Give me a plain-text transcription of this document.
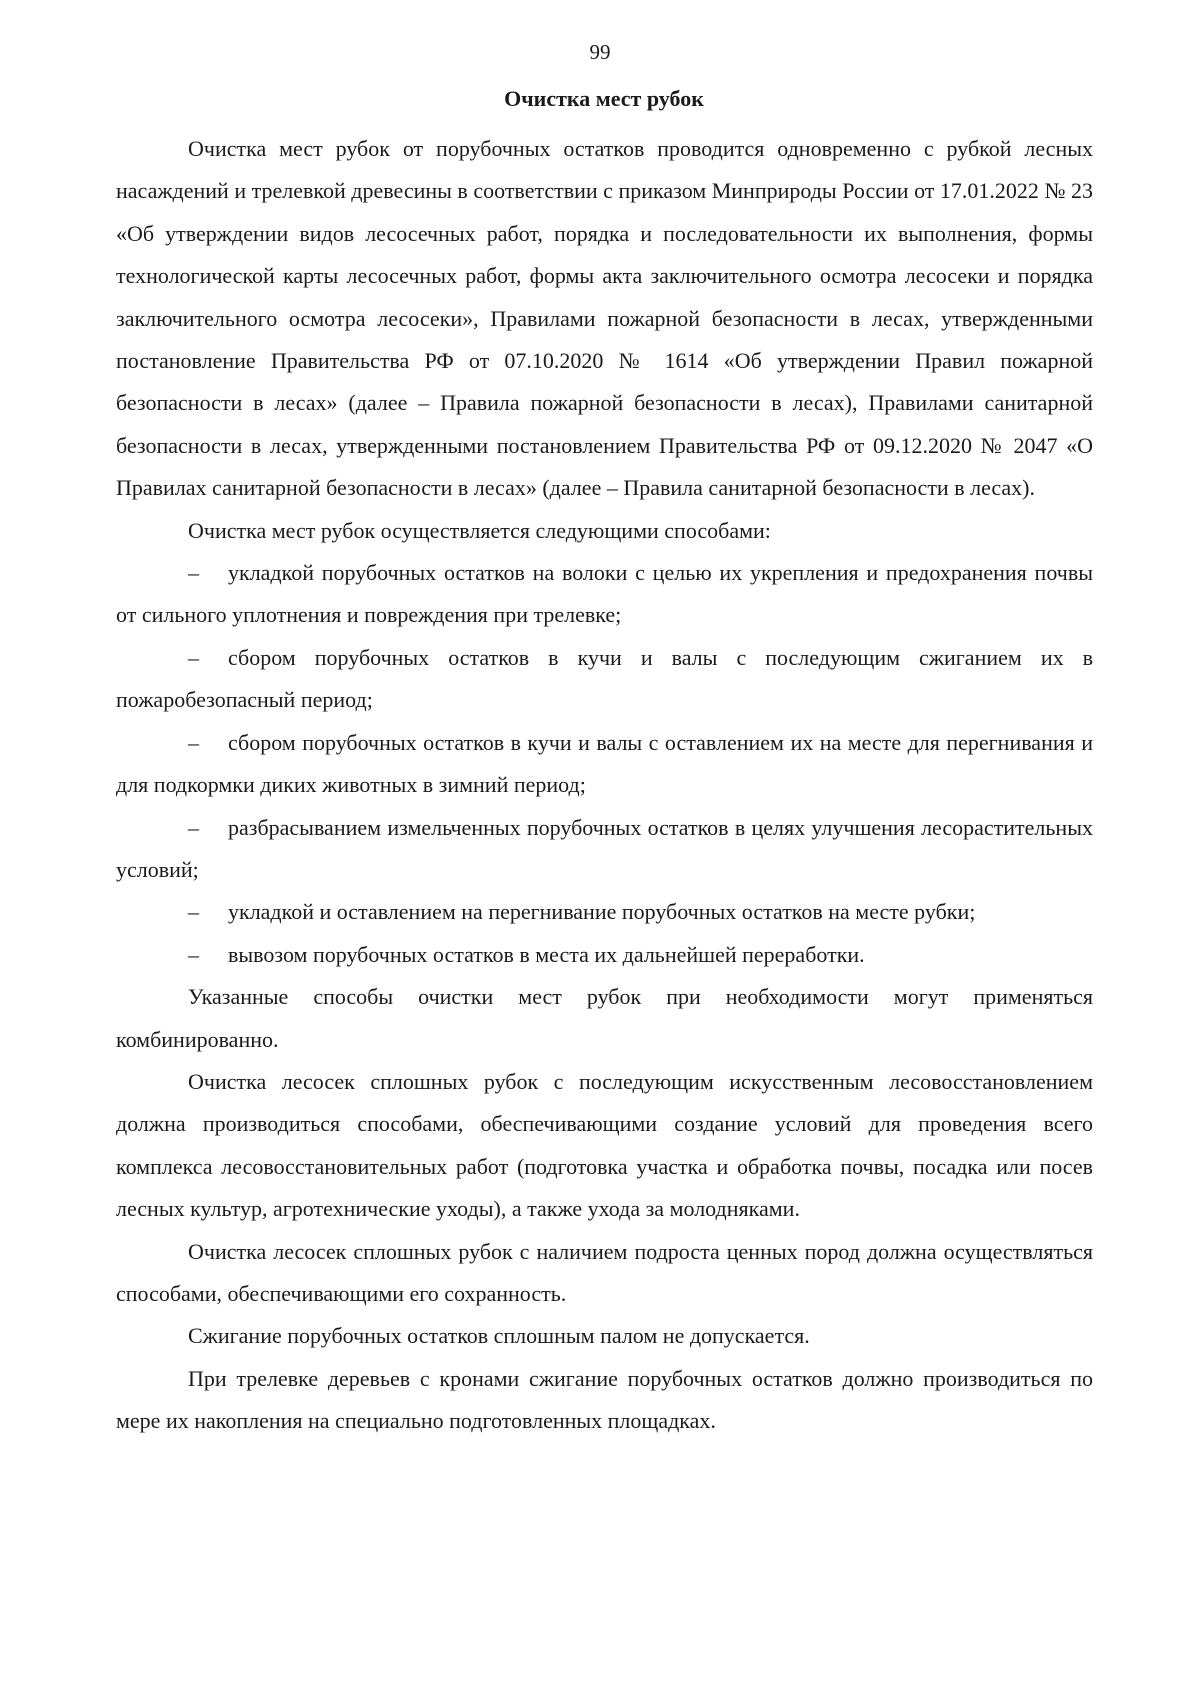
99
Очистка мест рубок

Очистка мест рубок от порубочных остатков проводится одновременно с рубкой лесных насаждений и трелевкой древесины в соответствии с приказом Минприроды России от 17.01.2022 № 23 «Об утверждении видов лесосечных работ, порядка и последовательности их выполнения, формы технологической карты лесосечных работ, формы акта заключительного осмотра лесосеки и порядка заключительного осмотра лесосеки», Правилами пожарной безопасности в лесах, утвержденными постановление Правительства РФ от 07.10.2020 № 1614 «Об утверждении Правил пожарной безопасности в лесах» (далее – Правила пожарной безопасности в лесах), Правилами санитарной безопасности в лесах, утвержденными постановлением Правительства РФ от 09.12.2020 № 2047 «О Правилах санитарной безопасности в лесах» (далее – Правила санитарной безопасности в лесах).

Очистка мест рубок осуществляется следующими способами:

– укладкой порубочных остатков на волоки с целью их укрепления и предохранения почвы от сильного уплотнения и повреждения при трелевке;

– сбором порубочных остатков в кучи и валы с последующим сжиганием их в пожаробезопасный период;

– сбором порубочных остатков в кучи и валы с оставлением их на месте для перегнивания и для подкормки диких животных в зимний период;

– разбрасыванием измельченных порубочных остатков в целях улучшения лесорастительных условий;

– укладкой и оставлением на перегнивание порубочных остатков на месте рубки;

– вывозом порубочных остатков в места их дальнейшей переработки.

Указанные способы очистки мест рубок при необходимости могут применяться комбинированно.

Очистка лесосек сплошных рубок с последующим искусственным лесовосстановлением должна производиться способами, обеспечивающими создание условий для проведения всего комплекса лесовосстановительных работ (подготовка участка и обработка почвы, посадка или посев лесных культур, агротехнические уходы), а также ухода за молодняками.

Очистка лесосек сплошных рубок с наличием подроста ценных пород должна осуществляться способами, обеспечивающими его сохранность.

Сжигание порубочных остатков сплошным палом не допускается.

При трелевке деревьев с кронами сжигание порубочных остатков должно производиться по мере их накопления на специально подготовленных площадках.
